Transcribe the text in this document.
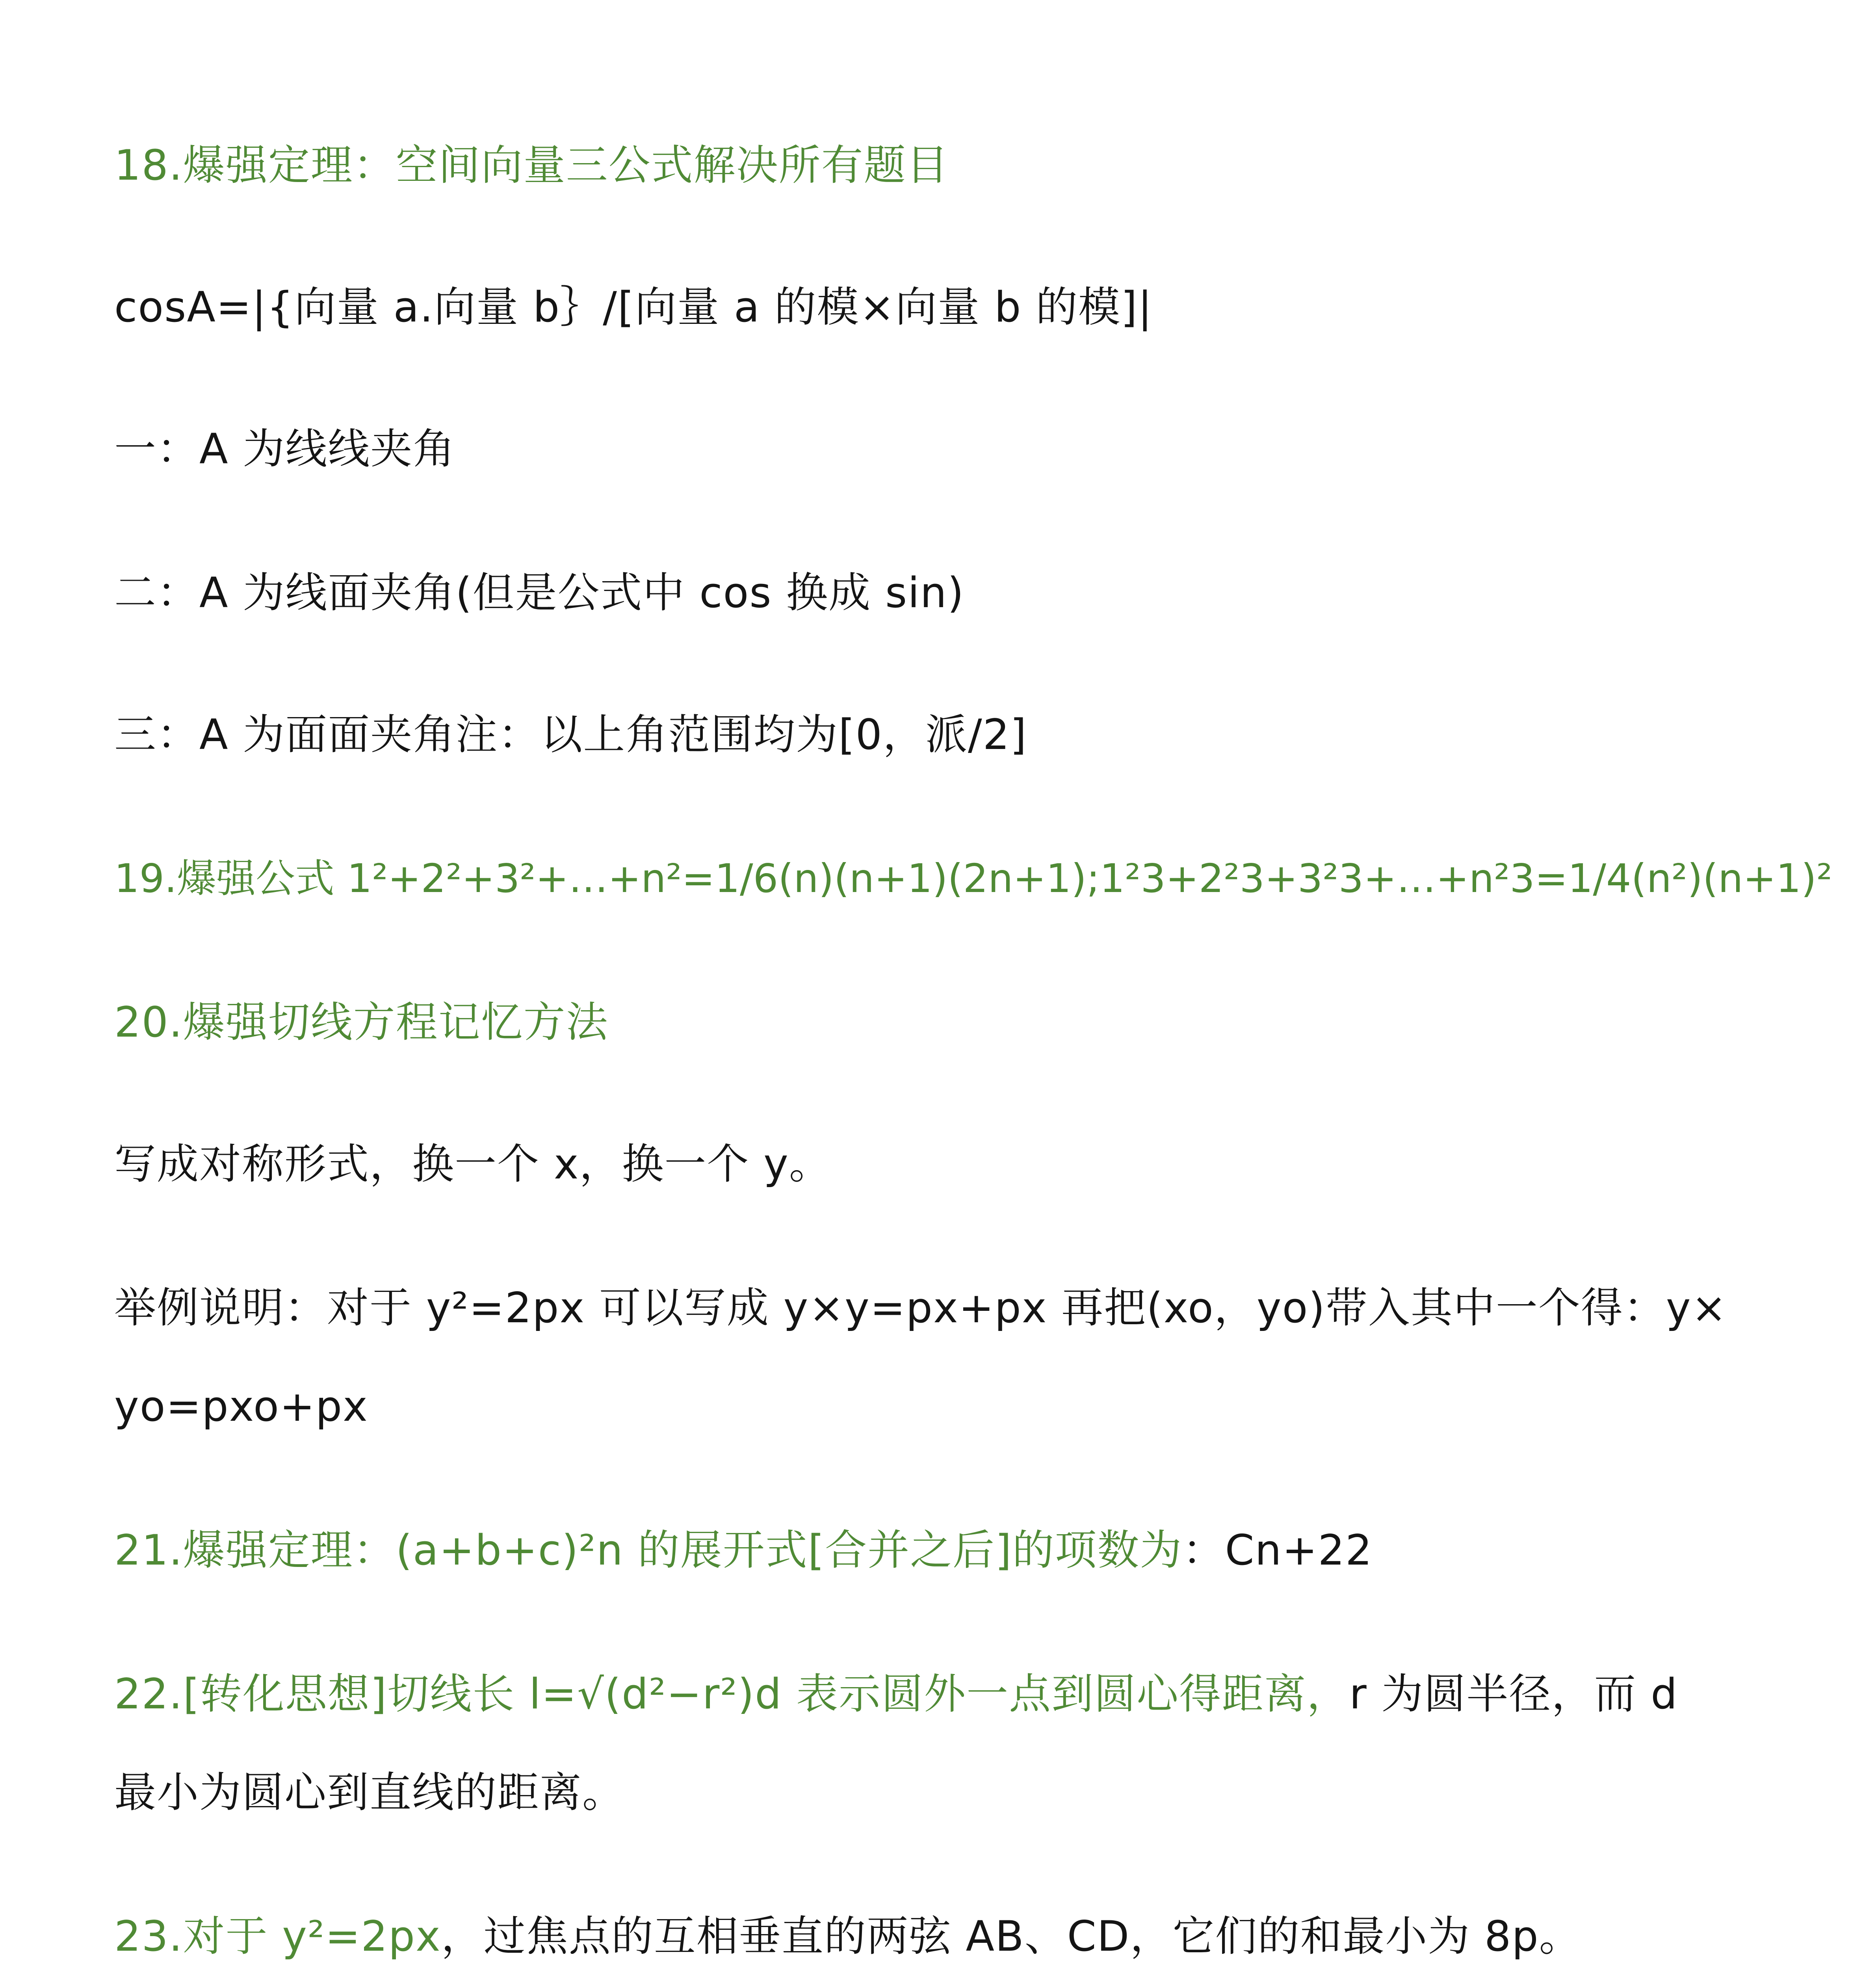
18.爆强定理：空间向量三公式解决所有题目
cosA=|{向量 a.向量 b｝/[向量 a 的模×向量 b 的模]|
一：A 为线线夹角
二：A 为线面夹角(但是公式中 cos 换成 sin)
三：A 为面面夹角注：以上角范围均为[0，派/2]
19.爆强公式 1²+2²+3²+…+n²=1/6(n)(n+1)(2n+1);1²3+2²3+3²3+…+n²3=1/4(n²)(n+1)²
20.爆强切线方程记忆方法
写成对称形式，换一个 x，换一个 y。
举例说明：对于 y²=2px 可以写成 y×y=px+px 再把(xo，yo)带入其中一个得：y×
yo=pxo+px
21.爆强定理：(a+b+c)²n 的展开式[合并之后]的项数为：Cn+22
22.[转化思想]切线长 l=√(d²−r²)d 表示圆外一点到圆心得距离，r 为圆半径，而 d
最小为圆心到直线的距离。
23.对于 y²=2px，过焦点的互相垂直的两弦 AB、CD，它们的和最小为 8p。
